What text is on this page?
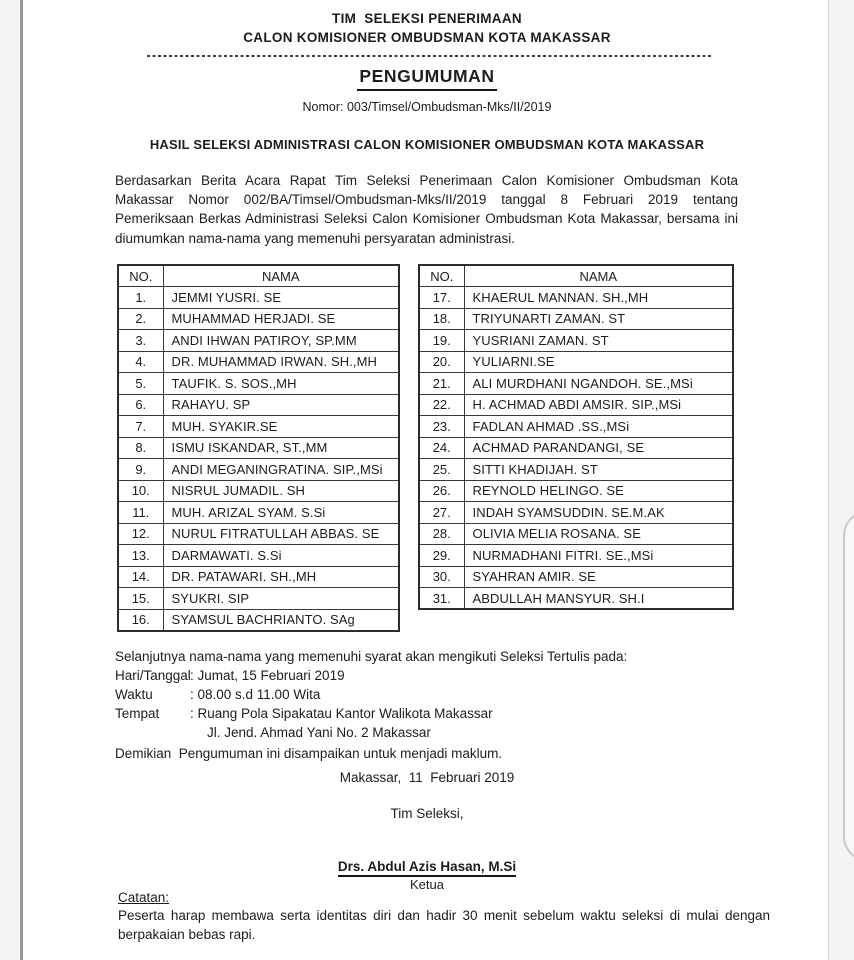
TIM  SELEKSI PENERIMAAN
CALON KOMISIONER OMBUDSMAN KOTA MAKASSAR
PENGUMUMAN
Nomor: 003/Timsel/Ombudsman-Mks/II/2019
HASIL SELEKSI ADMINISTRASI CALON KOMISIONER OMBUDSMAN KOTA MAKASSAR

Berdasarkan Berita Acara Rapat Tim Seleksi Penerimaan Calon Komisioner Ombudsman Kota Makassar Nomor 002/BA/Timsel/Ombudsman-Mks/II/2019 tanggal 8 Februari 2019 tentang Pemeriksaan Berkas Administrasi Seleksi Calon Komisioner Ombudsman Kota Makassar, bersama ini diumumkan nama-nama yang memenuhi persyaratan administrasi.

NO.	NAMA
1.	JEMMI YUSRI. SE
2.	MUHAMMAD HERJADI. SE
3.	ANDI IHWAN PATIROY, SP.MM
4.	DR. MUHAMMAD IRWAN. SH.,MH
5.	TAUFIK. S. SOS.,MH
6.	RAHAYU. SP
7.	MUH. SYAKIR.SE
8.	ISMU ISKANDAR, ST.,MM
9.	ANDI MEGANINGRATINA. SIP.,MSi
10.	NISRUL JUMADIL. SH
11.	MUH. ARIZAL SYAM. S.Si
12.	NURUL FITRATULLAH ABBAS. SE
13.	DARMAWATI. S.Si
14.	DR. PATAWARI. SH.,MH
15.	SYUKRI. SIP
16.	SYAMSUL BACHRIANTO. SAg
NO.	NAMA
17.	KHAERUL MANNAN. SH.,MH
18.	TRIYUNARTI ZAMAN. ST
19.	YUSRIANI ZAMAN. ST
20.	YULIARNI.SE
21.	ALI MURDHANI NGANDOH. SE.,MSi
22.	H. ACHMAD ABDI AMSIR. SIP.,MSi
23.	FADLAN AHMAD .SS.,MSi
24.	ACHMAD PARANDANGI, SE
25.	SITTI KHADIJAH. ST
26.	REYNOLD HELINGO. SE
27.	INDAH SYAMSUDDIN. SE.M.AK
28.	OLIVIA MELIA ROSANA. SE
29.	NURMADHANI FITRI. SE.,MSi
30.	SYAHRAN AMIR. SE
31.	ABDULLAH MANSYUR. SH.I
Selanjutnya nama-nama yang memenuhi syarat akan mengikuti Seleksi Tertulis pada:
Hari/Tanggal: Jumat, 15 Februari 2019
Waktu	: 08.00 s.d 11.00 Wita
Tempat : Ruang Pola Sipakatau Kantor Walikota Makassar
Jl. Jend. Ahmad Yani No. 2 Makassar
Demikian  Pengumuman ini disampaikan untuk menjadi maklum.
Makassar,  11  Februari 2019
Tim Seleksi,
Drs. Abdul Azis Hasan, M.Si
Ketua
Catatan:
Peserta harap membawa serta identitas diri dan hadir 30 menit sebelum waktu seleksi di mulai dengan berpakaian bebas rapi.
